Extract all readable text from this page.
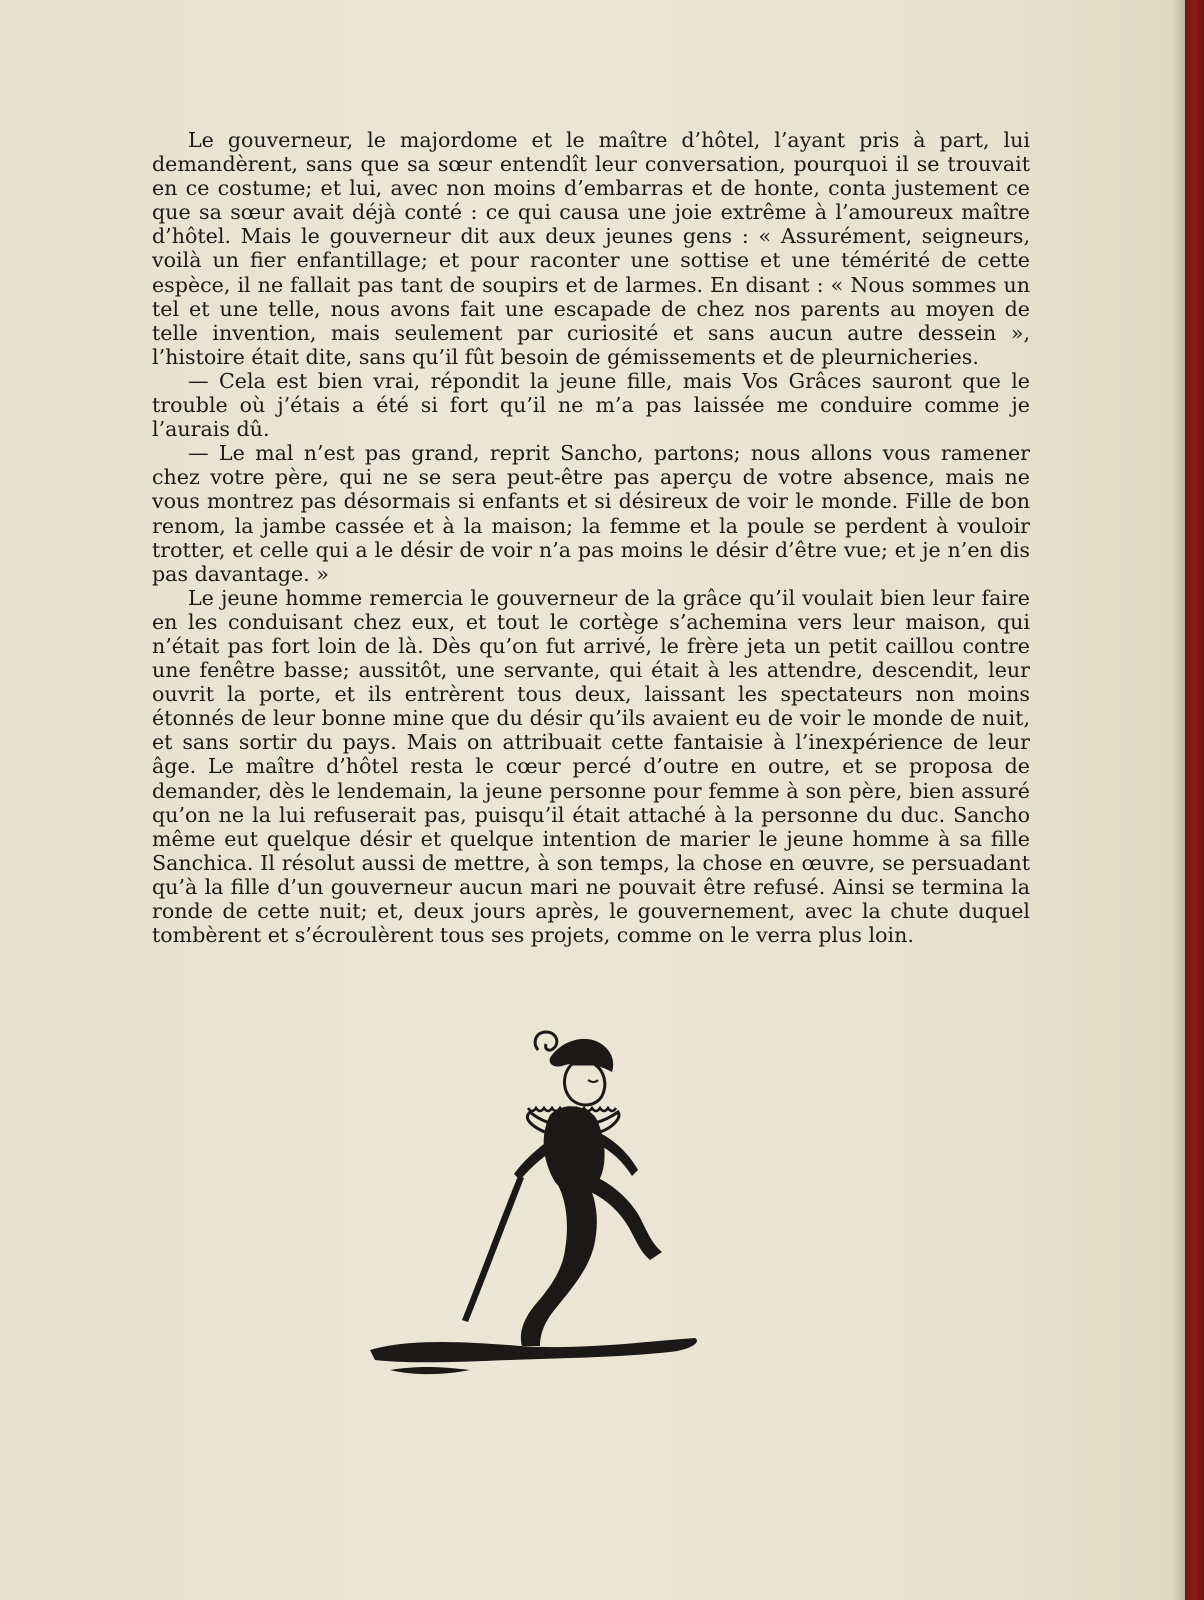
Le gouverneur, le majordome et le maître d’hôtel, l’ayant pris à part, lui demandèrent, sans que sa sœur entendît leur conversation, pourquoi il se trouvait en ce costume; et lui, avec non moins d’embarras et de honte, conta justement ce que sa sœur avait déjà conté : ce qui causa une joie extrême à l’amoureux maître d’hôtel. Mais le gouverneur dit aux deux jeunes gens : « Assurément, seigneurs, voilà un fier enfantillage; et pour raconter une sottise et une témérité de cette espèce, il ne fallait pas tant de soupirs et de larmes. En disant : « Nous sommes un tel et une telle, nous avons fait une escapade de chez nos parents au moyen de telle invention, mais seulement par curiosité et sans aucun autre dessein », l’histoire était dite, sans qu’il fût besoin de gémissements et de pleurnicheries.

— Cela est bien vrai, répondit la jeune fille, mais Vos Grâces sauront que le trouble où j’étais a été si fort qu’il ne m’a pas laissée me conduire comme je l’aurais dû.

— Le mal n’est pas grand, reprit Sancho, partons; nous allons vous ramener chez votre père, qui ne se sera peut-être pas aperçu de votre absence, mais ne vous montrez pas désormais si enfants et si désireux de voir le monde. Fille de bon renom, la jambe cassée et à la maison; la femme et la poule se perdent à vouloir trotter, et celle qui a le désir de voir n’a pas moins le désir d’être vue; et je n’en dis pas davantage. »

Le jeune homme remercia le gouverneur de la grâce qu’il voulait bien leur faire en les conduisant chez eux, et tout le cortège s’achemina vers leur maison, qui n’était pas fort loin de là. Dès qu’on fut arrivé, le frère jeta un petit caillou contre une fenêtre basse; aussitôt, une servante, qui était à les attendre, descendit, leur ouvrit la porte, et ils entrèrent tous deux, laissant les spectateurs non moins étonnés de leur bonne mine que du désir qu’ils avaient eu de voir le monde de nuit, et sans sortir du pays. Mais on attribuait cette fantaisie à l’inexpérience de leur âge. Le maître d’hôtel resta le cœur percé d’outre en outre, et se proposa de demander, dès le lendemain, la jeune personne pour femme à son père, bien assuré qu’on ne la lui refuserait pas, puisqu’il était attaché à la personne du duc. Sancho même eut quelque désir et quelque intention de marier le jeune homme à sa fille Sanchica. Il résolut aussi de mettre, à son temps, la chose en œuvre, se persuadant qu’à la fille d’un gouverneur aucun mari ne pouvait être refusé. Ainsi se termina la ronde de cette nuit; et, deux jours après, le gouvernement, avec la chute duquel tombèrent et s’écroulèrent tous ses projets, comme on le verra plus loin.
